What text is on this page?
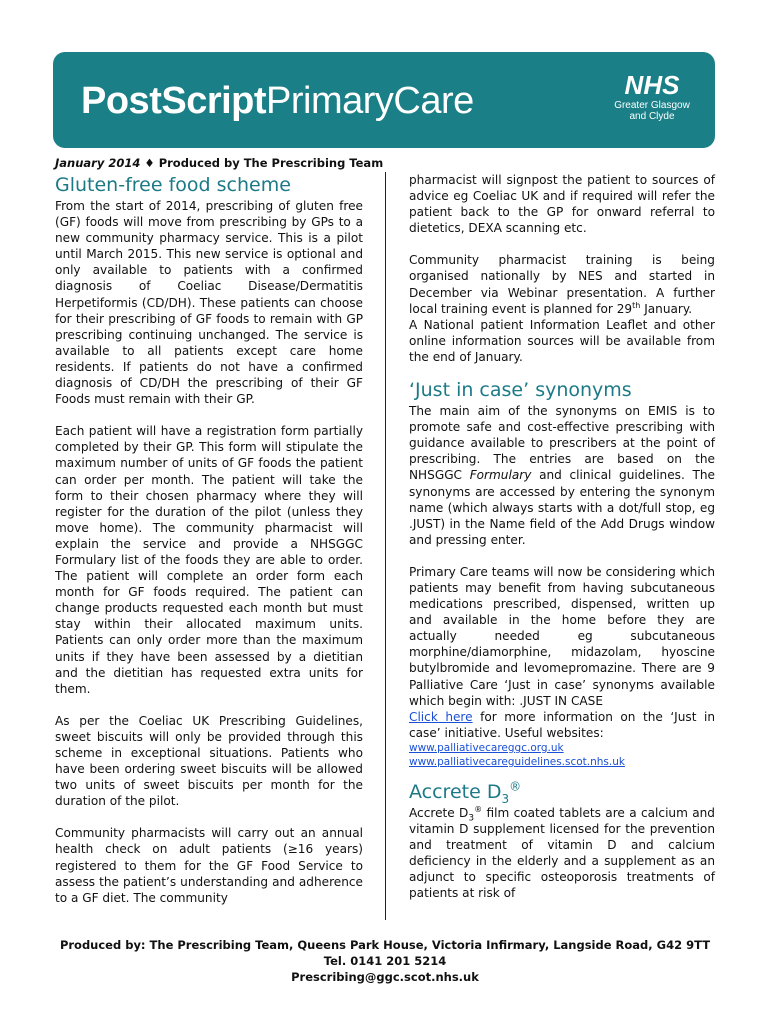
PostScriptPrimaryCare	NHS
Greater Glasgow
and Clyde
January 2014 ♦ Produced by The Prescribing Team
Gluten-free food scheme

From the start of 2014, prescribing of gluten free (GF) foods will move from prescribing by GPs to a new community pharmacy service. This is a pilot until March 2015. This new service is optional and only available to patients with a confirmed diagnosis of Coeliac Disease/Dermatitis Herpetiformis (CD/DH). These patients can choose for their prescribing of GF foods to remain with GP prescribing continuing unchanged. The service is available to all patients except care home residents. If patients do not have a confirmed diagnosis of CD/DH the prescribing of their GF Foods must remain with their GP.

Each patient will have a registration form partially completed by their GP. This form will stipulate the maximum number of units of GF foods the patient can order per month. The patient will take the form to their chosen pharmacy where they will register for the duration of the pilot (unless they move home). The community pharmacist will explain the service and provide a NHSGGC Formulary list of the foods they are able to order. The patient will complete an order form each month for GF foods required. The patient can change products requested each month but must stay within their allocated maximum units. Patients can only order more than the maximum units if they have been assessed by a dietitian and the dietitian has requested extra units for them.

As per the Coeliac UK Prescribing Guidelines, sweet biscuits will only be provided through this scheme in exceptional situations. Patients who have been ordering sweet biscuits will be allowed two units of sweet biscuits per month for the duration of the pilot.

Community pharmacists will carry out an annual health check on adult patients (≥16 years) registered to them for the GF Food Service to assess the patient’s understanding and adherence to a GF diet. The community

pharmacist will signpost the patient to sources of advice eg Coeliac UK and if required will refer the patient back to the GP for onward referral to dietetics, DEXA scanning etc.

Community pharmacist training is being organised nationally by NES and started in December via Webinar presentation. A further local training event is planned for 29th January.

A National patient Information Leaflet and other online information sources will be available from the end of January.

‘Just in case’ synonyms

The main aim of the synonyms on EMIS is to promote safe and cost-effective prescribing with guidance available to prescribers at the point of prescribing. The entries are based on the NHSGGC Formulary and clinical guidelines. The synonyms are accessed by entering the synonym name (which always starts with a dot/full stop, eg .JUST) in the Name field of the Add Drugs window and pressing enter.

Primary Care teams will now be considering which patients may benefit from having subcutaneous medications prescribed, dispensed, written up and available in the home before they are actually needed eg subcutaneous morphine/diamorphine, midazolam, hyoscine butylbromide and levomepromazine. There are 9 Palliative Care ‘Just in case’ synonyms available which begin with: .JUST IN CASE

Click here for more information on the ‘Just in case’ initiative. Useful websites:

www.palliativecareggc.org.uk
www.palliativecareguidelines.scot.nhs.uk
Accrete $D_3®$

Accrete $D_3®$ film coated tablets are a calcium and vitamin D supplement licensed for the prevention and treatment of vitamin D and calcium deficiency in the elderly and a supplement as an adjunct to specific osteoporosis treatments of patients at risk of

Produced by: The Prescribing Team, Queens Park House, Victoria Infirmary, Langside Road, G42 9TT
Tel. 0141 201 5214
Prescribing@ggc.scot.nhs.uk
